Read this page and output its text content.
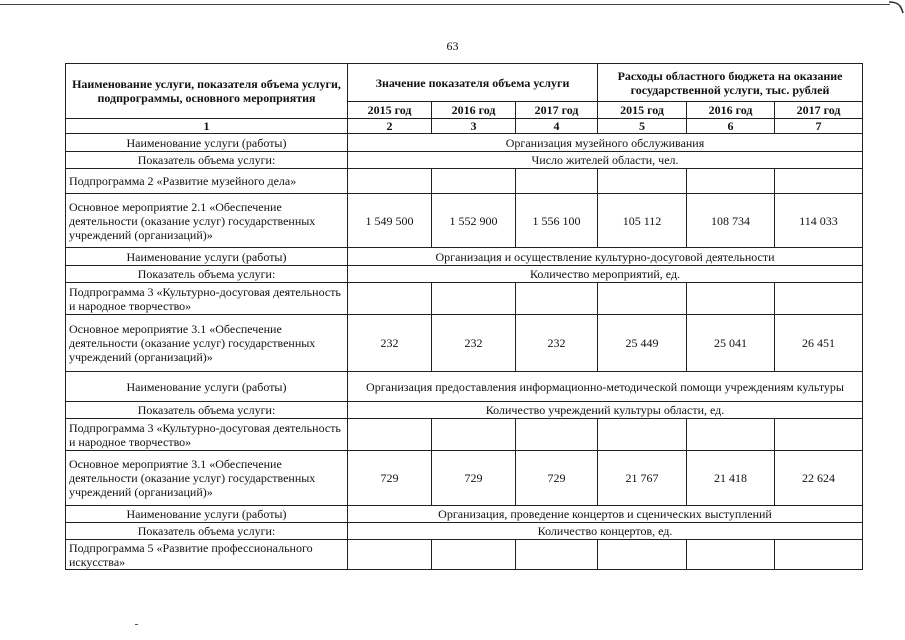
63
Наименование услуги, показателя объема услуги, подпрограммы, основного мероприятия	Значение показателя объема услуги			Расходы областного бюджета на оказание государственной услуги, тыс. рублей		
	2015 год	2016 год	2017 год	2015 год	2016 год	2017 год
1	2	3	4	5	6	7
Наименование услуги (работы)	Организация музейного обслуживания					
Показатель объема услуги:	Число жителей области, чел.					
Подпрограмма 2 «Развитие музейного дела»						
Основное мероприятие 2.1 «Обеспечение деятельности (оказание услуг) государственных учреждений (организаций)»	1 549 500	1 552 900	1 556 100	105 112	108 734	114 033
Наименование услуги (работы)	Организация и осуществление культурно-досуговой деятельности					
Показатель объема услуги:	Количество мероприятий, ед.					
Подпрограмма 3 «Культурно-досуговая деятельность и народное творчество»						
Основное мероприятие 3.1 «Обеспечение деятельности (оказание услуг) государственных учреждений (организаций)»	232	232	232	25 449	25 041	26 451
Наименование услуги (работы)	Организация предоставления информационно-методической помощи учреждениям культуры					
Показатель объема услуги:	Количество учреждений культуры области, ед.					
Подпрограмма 3 «Культурно-досуговая деятельность и народное творчество»						
Основное мероприятие 3.1 «Обеспечение деятельности (оказание услуг) государственных учреждений (организаций)»	729	729	729	21 767	21 418	22 624
Наименование услуги (работы)	Организация, проведение концертов и сценических выступлений					
Показатель объема услуги:	Количество концертов, ед.					
Подпрограмма 5 «Развитие профессионального искусства»						
